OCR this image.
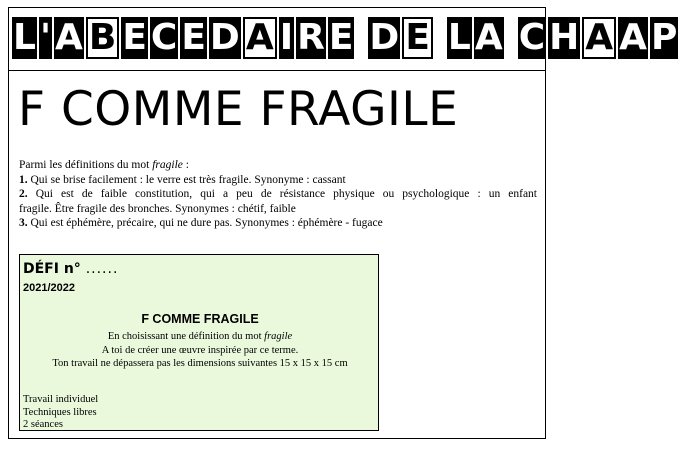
L ' A B E C E D A I R E D E L A C H A A P
F COMME FRAGILE
Parmi les définitions du mot fragile :
1. Qui se brise facilement : le verre est très fragile. Synonyme : cassant
2. Qui est de faible constitution, qui a peu de résistance physique ou psychologique : un enfant
fragile. Être fragile des bronches. Synonymes : chétif, faible
3. Qui est éphémère, précaire, qui ne dure pas. Synonymes : éphémère - fugace
DÉFI n° ......
2021/2022
F COMME FRAGILE
En choisissant une définition du mot fragile
A toi de créer une œuvre inspirée par ce terme.
Ton travail ne dépassera pas les dimensions suivantes 15 x 15 x 15 cm
Travail individuel
Techniques libres
2 séances
